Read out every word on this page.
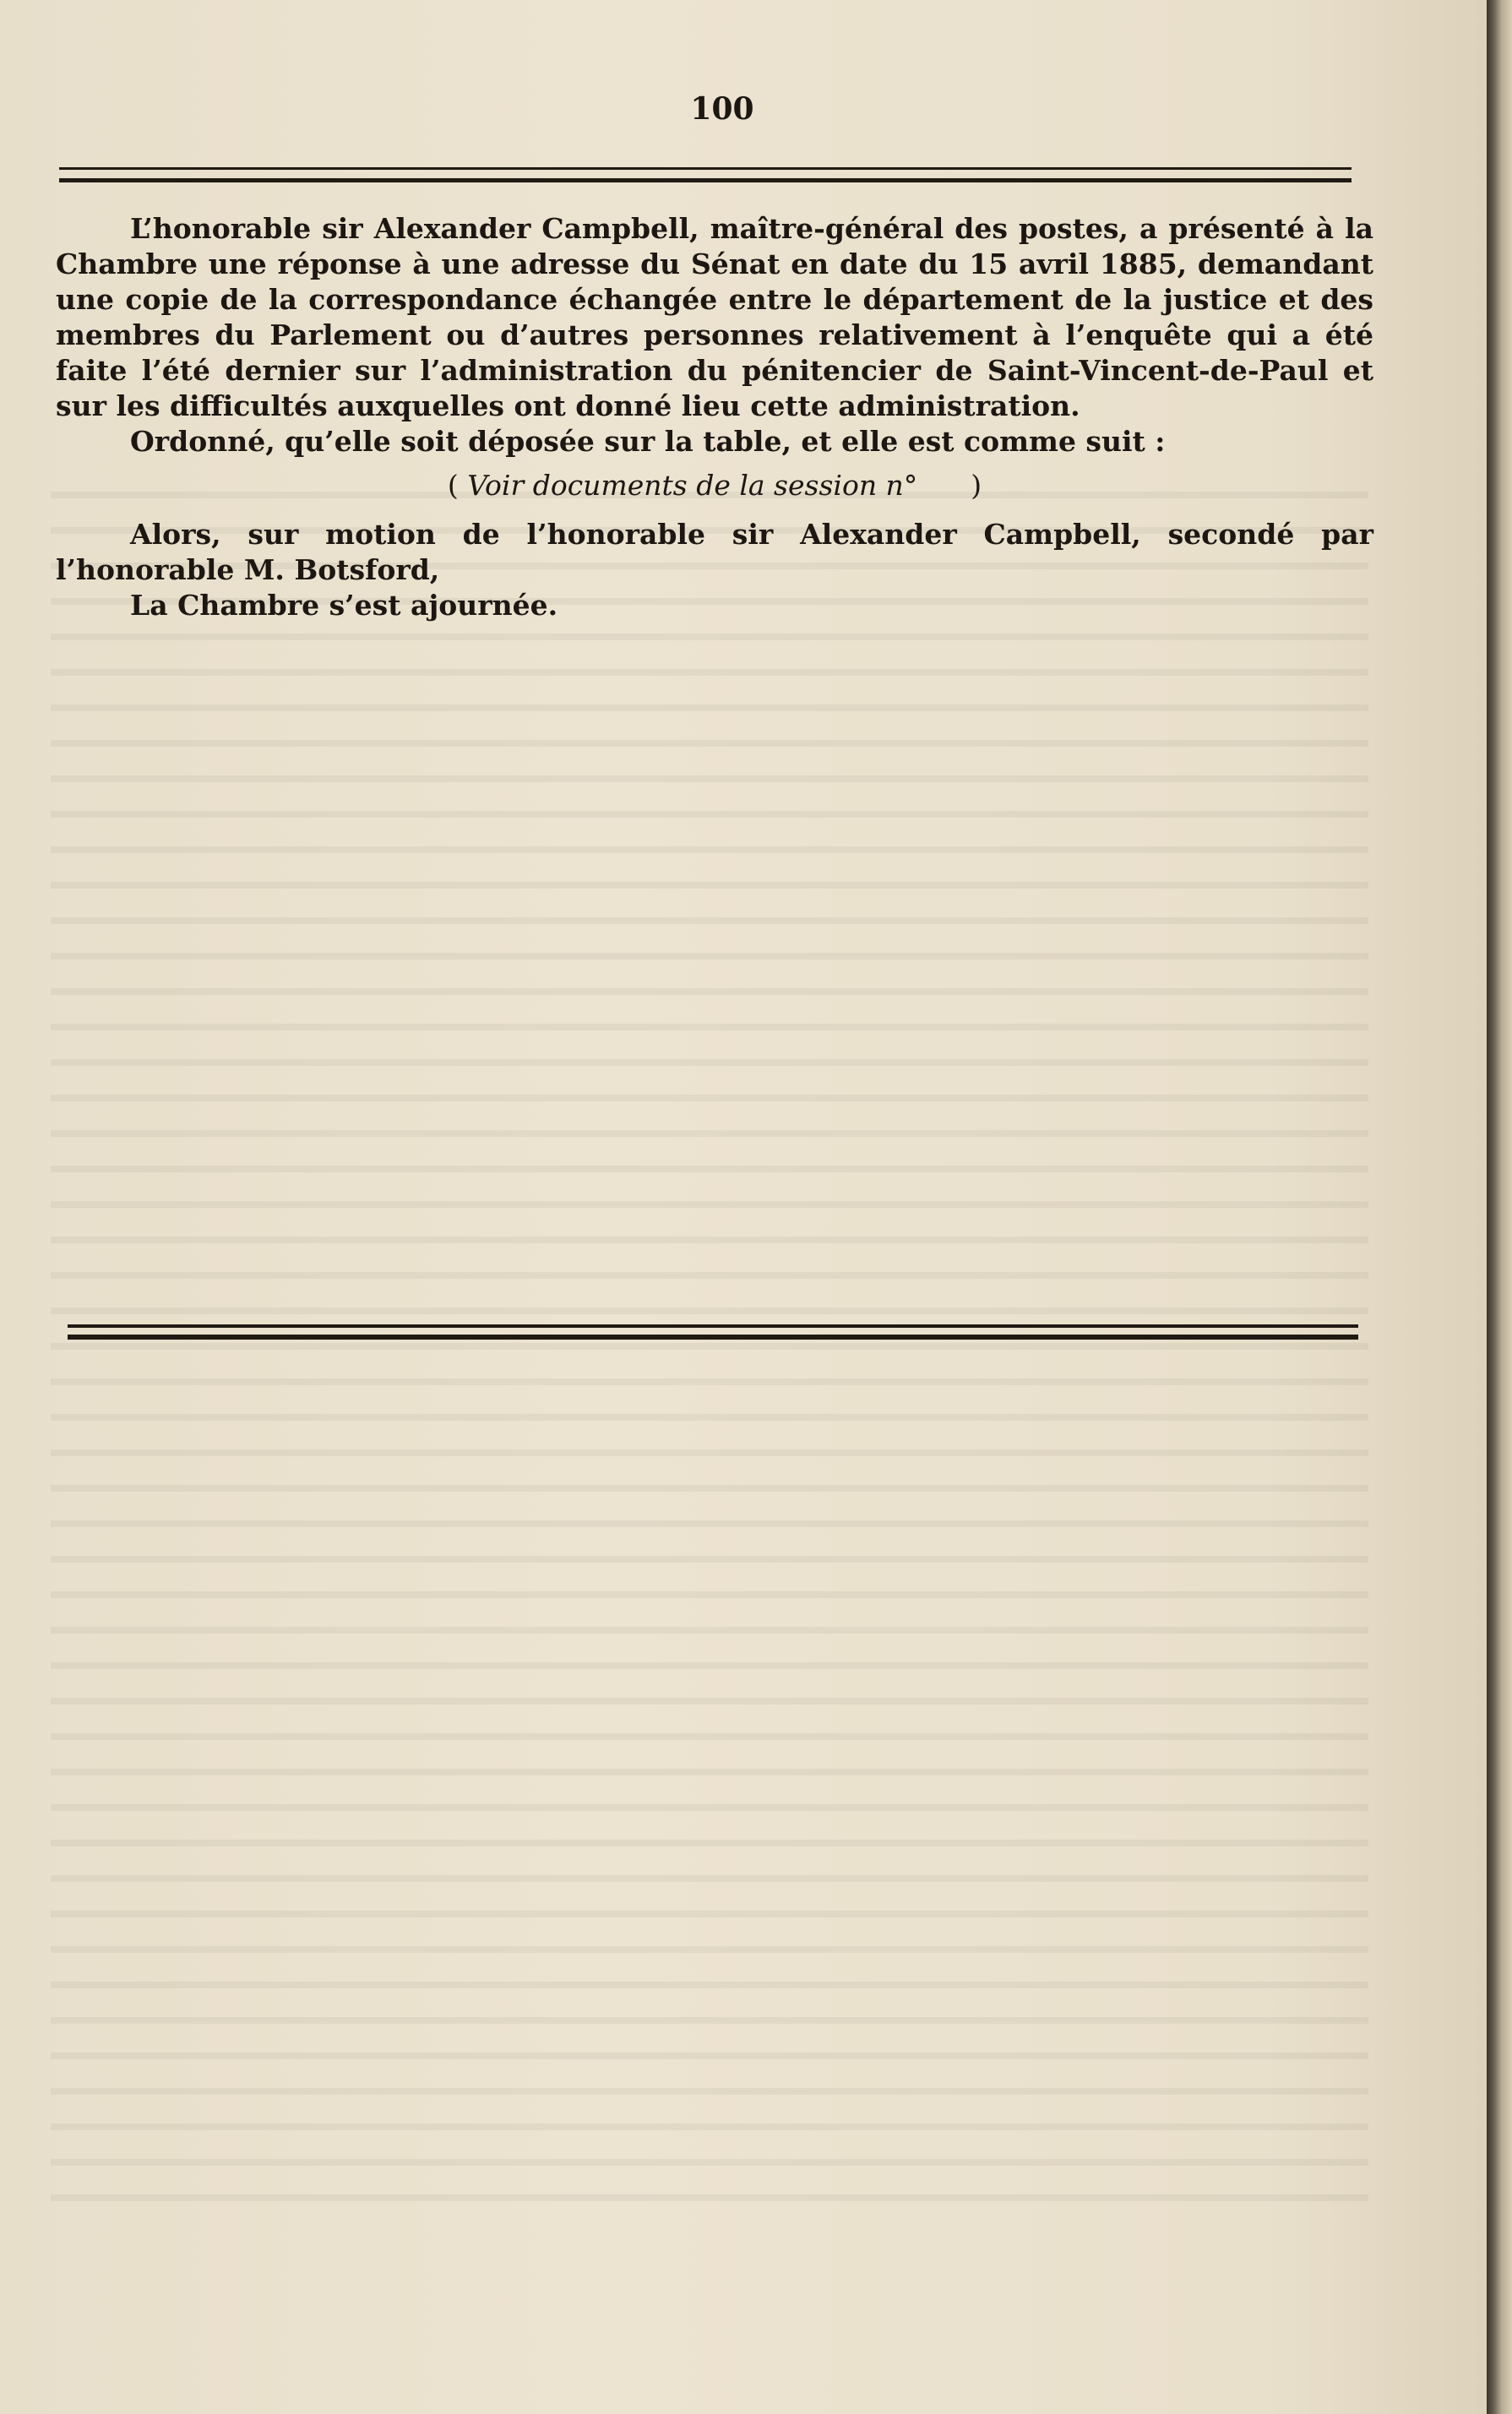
100

L’honorable sir Alexander Campbell, maître-général des postes, a présenté à la Chambre une réponse à une adresse du Sénat en date du 15 avril 1885, demandant une copie de la correspondance échangée entre le département de la justice et des membres du Parlement ou d’autres personnes relativement à l’enquête qui a été faite l’été dernier sur l’administration du pénitencier de Saint-Vincent-de-Paul et sur les difficultés auxquelles ont donné lieu cette administration.

Ordonné, qu’elle soit déposée sur la table, et elle est comme suit :

( Voir documents de la session n° )

Alors, sur motion de l’honorable sir Alexander Campbell, secondé par l’honorable M. Botsford,

La Chambre s’est ajournée.
